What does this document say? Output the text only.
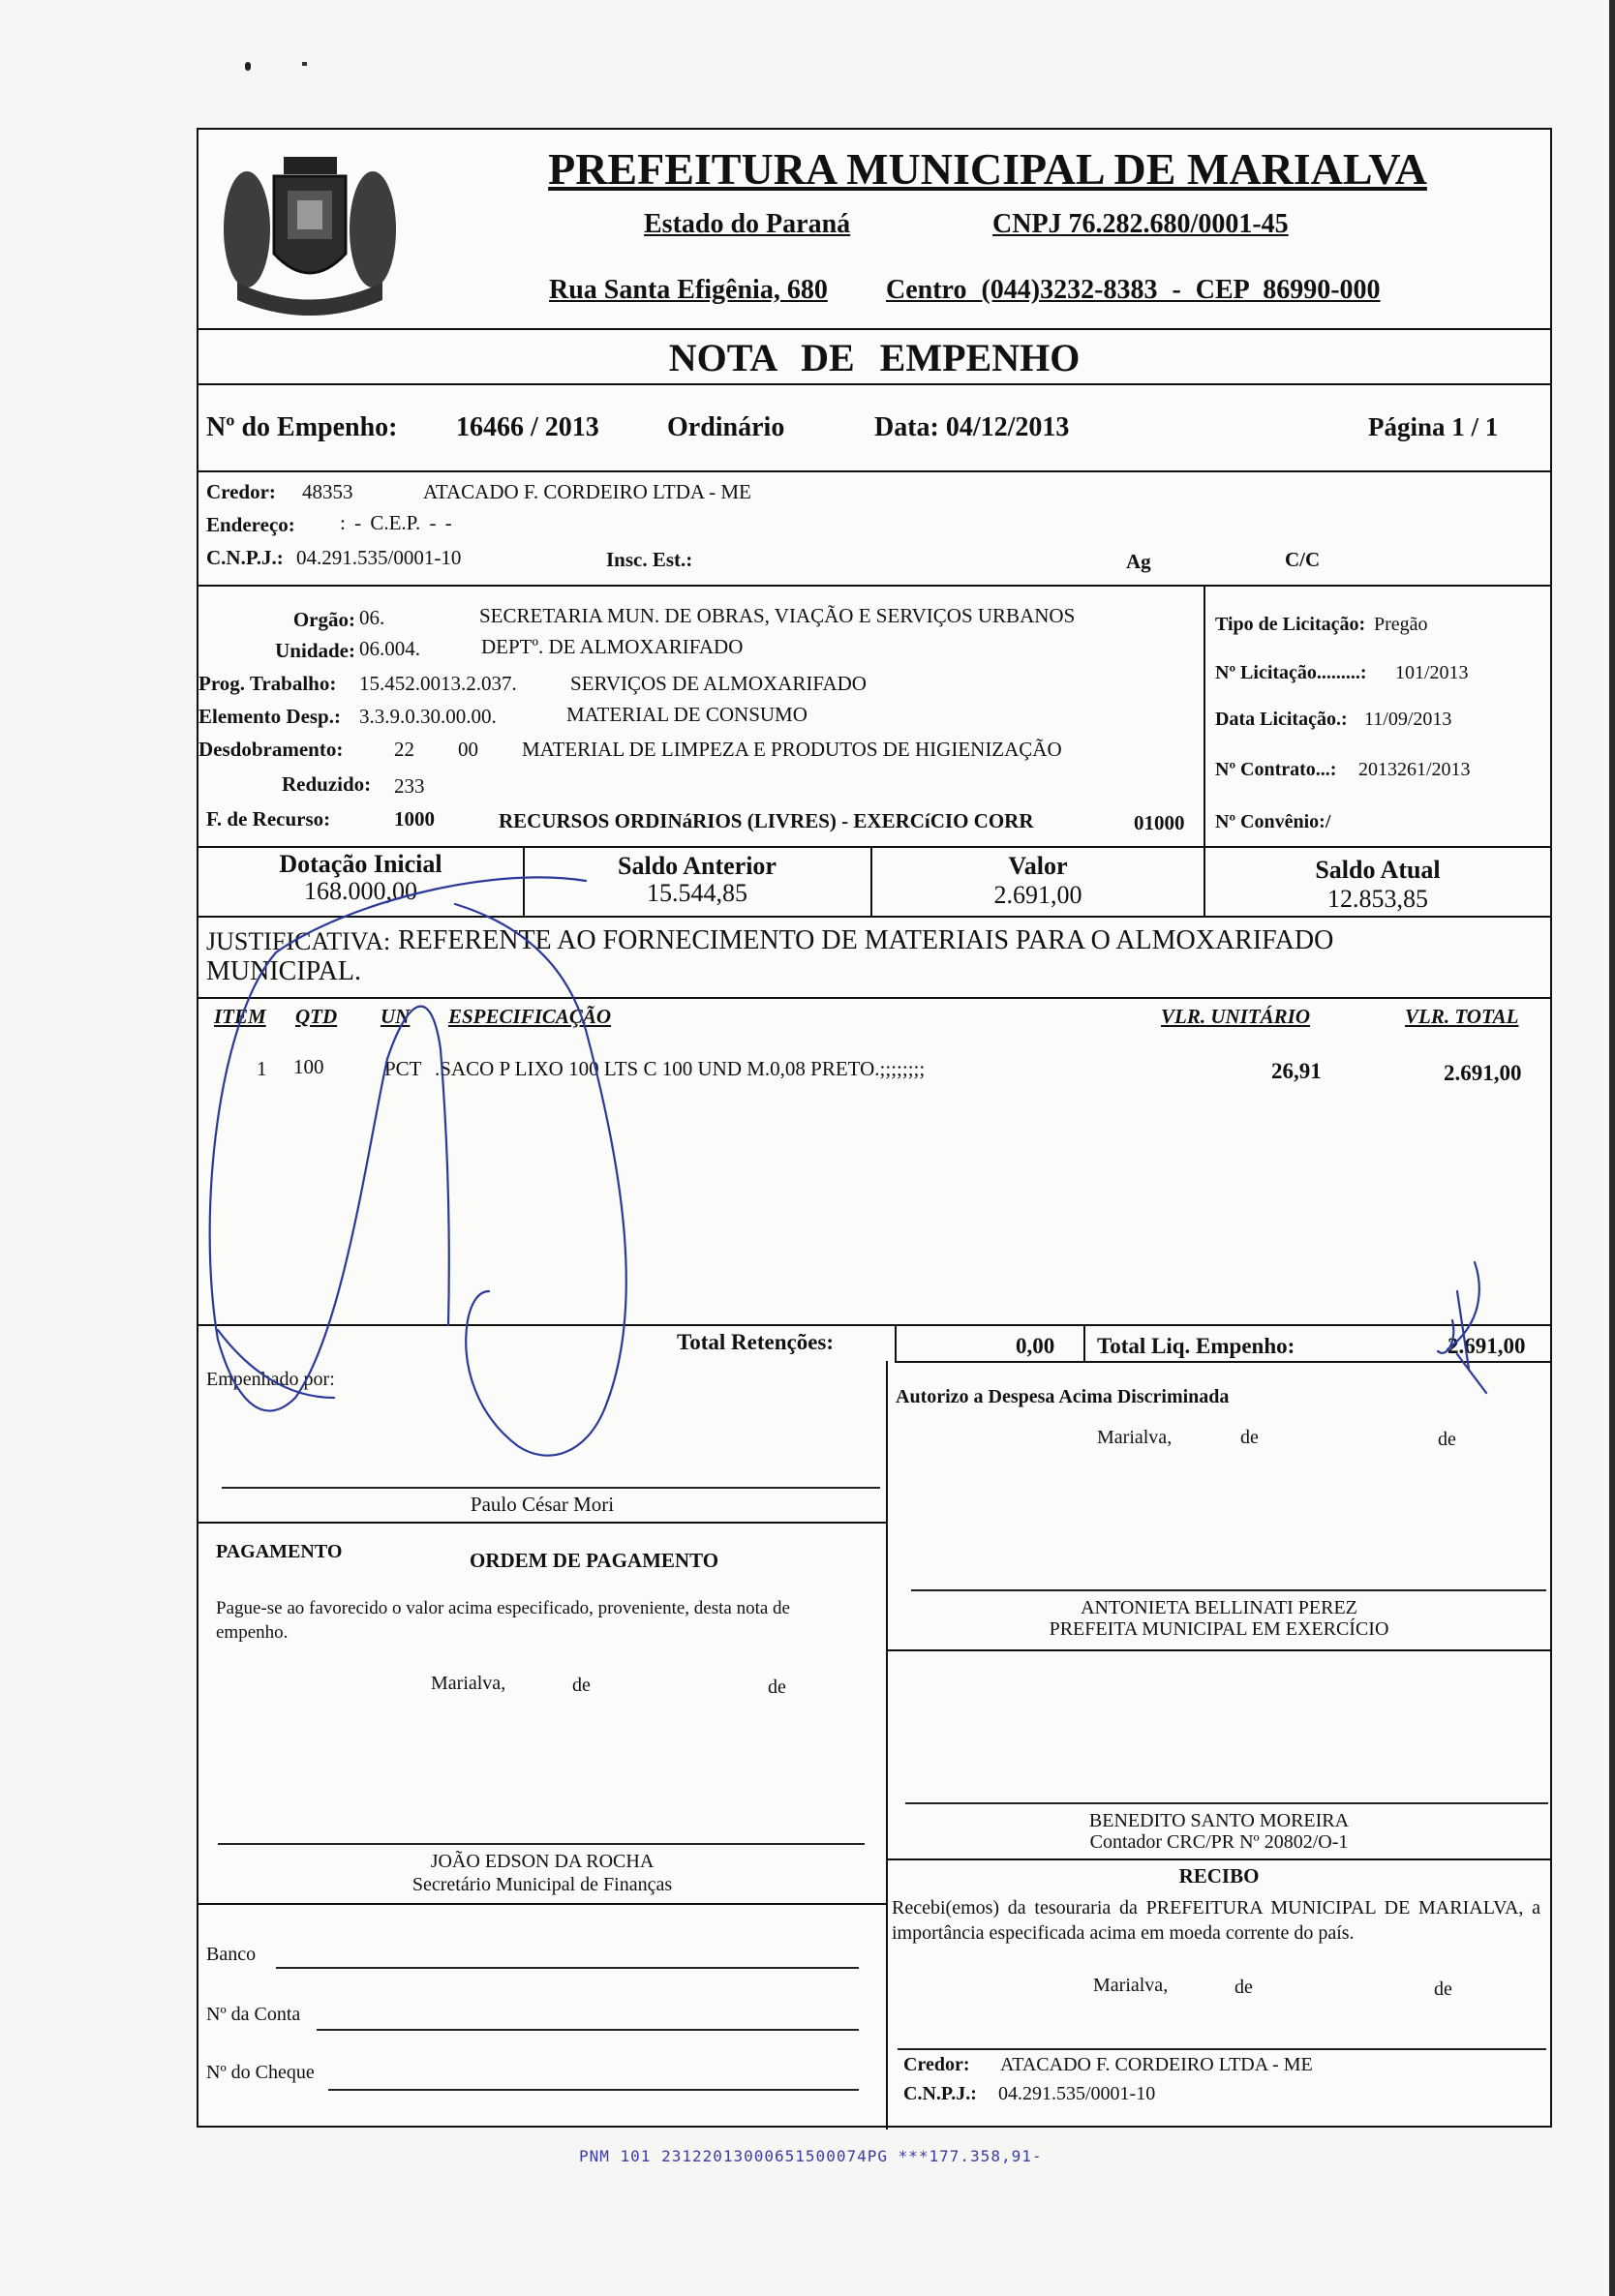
PREFEITURA MUNICIPAL DE MARIALVA
Estado do Paraná	CNPJ 76.282.680/0001-45
Rua Santa Efigênia, 680 Centro (044)3232-8383 - CEP 86990-000
NOTA DE EMPENHO
Nº do Empenho: 16466 / 2013	Ordinário	Data: 04/12/2013	Página 1 / 1
Credor: 48353	ATACADO F. CORDEIRO LTDA - ME
Endereço: : - C.E.P. - -
C.N.P.J.: 04.291.535/0001-10	Insc. Est.:	Ag	C/C
Orgão: 06.	SECRETARIA MUN. DE OBRAS, VIAÇÃO E SERVIÇOS URBANOS
Unidade: 06.004.	DEPTº. DE ALMOXARIFADO
Prog. Trabalho: 15.452.0013.2.037.	SERVIÇOS DE ALMOXARIFADO
Elemento Desp.: 3.3.9.0.30.00.00.	MATERIAL DE CONSUMO
Desdobramento:	22 00 MATERIAL DE LIMPEZA E PRODUTOS DE HIGIENIZAÇÃO
Reduzido: 233
F. de Recurso:	1000	RECURSOS ORDINáRIOS (LIVRES) - EXERCíCIO CORR	01000
Tipo de Licitação: Pregão
Nº Licitação.........: 101/2013
Data Licitação.: 11/09/2013
Nº Contrato...: 2013261/2013
Nº Convênio:/
Dotação Inicial
168.000,00
Saldo Anterior
15.544,85
Valor
2.691,00
Saldo Atual
12.853,85
JUSTIFICATIVA: REFERENTE AO FORNECIMENTO DE MATERIAIS PARA O ALMOXARIFADO
MUNICIPAL.
ITEM QTD UN ESPECIFICAÇÃO	VLR. UNITÁRIO	VLR. TOTAL
1 100	PCT .SACO P LIXO 100 LTS C 100 UND M.0,08 PRETO.;;;;;;;;	26,91	2.691,00
Total Retenções:	0,00 Total Liq. Empenho:	2.691,00
Empenhado por:
Paulo César Mori
Autorizo a Despesa Acima Discriminada
Marialva,	de	de
PAGAMENTO	ORDEM DE PAGAMENTO
Pague-se ao favorecido o valor acima especificado, proveniente, desta nota de empenho.
Marialva,	de	de
JOÃO EDSON DA ROCHA
Secretário Municipal de Finanças
ANTONIETA BELLINATI PEREZ
PREFEITA MUNICIPAL EM EXERCÍCIO
BENEDITO SANTO MOREIRA
Contador CRC/PR Nº 20802/O-1
RECIBO
Recebi(emos) da tesouraria da PREFEITURA MUNICIPAL DE MARIALVA, a importância especificada acima em moeda corrente do país.
Marialva,	de	de
Credor: ATACADO F. CORDEIRO LTDA - ME
C.N.P.J.: 04.291.535/0001-10
Banco
Nº da Conta
Nº do Cheque
PNM 101 23122013000651500074PG ***177.358,91-
